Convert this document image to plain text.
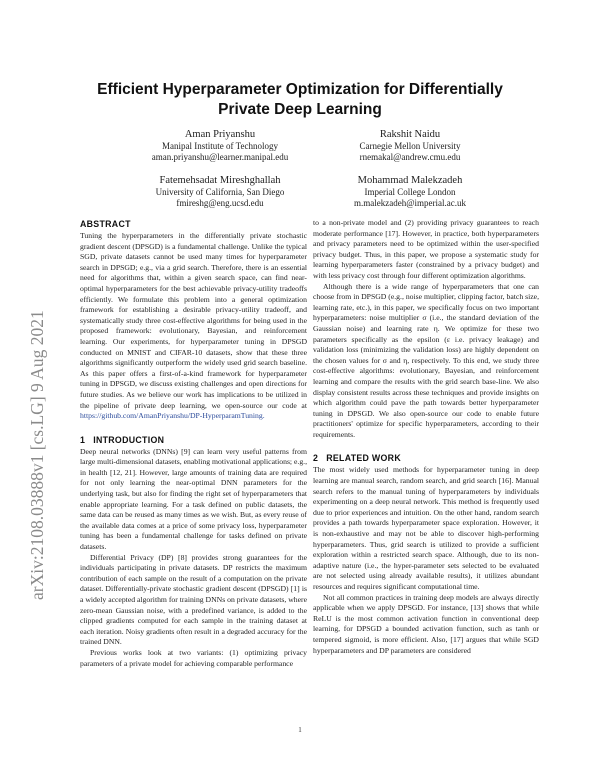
arXiv:2108.03888v1 [cs.LG] 9 Aug 2021
Efficient Hyperparameter Optimization for Differentially
Private Deep Learning
Aman Priyanshu
Manipal Institute of Technology
aman.priyanshu@learner.manipal.edu
Rakshit Naidu
Carnegie Mellon University
rnemakal@andrew.cmu.edu
Fatemehsadat Mireshghallah
University of California, San Diego
fmireshg@eng.ucsd.edu
Mohammad Malekzadeh
Imperial College London
m.malekzadeh@imperial.ac.uk
ABSTRACT

Tuning the hyperparameters in the differentially private stochastic gradient descent (DPSGD) is a fundamental challenge. Unlike the typical SGD, private datasets cannot be used many times for hyperparameter search in DPSGD; e.g., via a grid search. Therefore, there is an essential need for algorithms that, within a given search space, can find near-optimal hyperparameters for the best achievable privacy-utility tradeoffs efficiently. We formulate this problem into a general optimization framework for establishing a desirable privacy-utility tradeoff, and systematically study three cost-effective algorithms for being used in the proposed framework: evolutionary, Bayesian, and reinforcement learning. Our experiments, for hyperparameter tuning in DPSGD conducted on MNIST and CIFAR-10 datasets, show that these three algorithms significantly outperform the widely used grid search baseline. As this paper offers a first-of-a-kind framework for hyperparameter tuning in DPSGD, we discuss existing challenges and open directions for future studies. As we believe our work has implications to be utilized in the pipeline of private deep learning, we open-source our code at https://github.com/AmanPriyanshu/DP-HyperparamTuning.

1 INTRODUCTION

Deep neural networks (DNNs) [9] can learn very useful patterns from large multi-dimensional datasets, enabling motivational applications; e.g., in health [12, 21]. However, large amounts of training data are required for not only learning the near-optimal DNN parameters for the underlying task, but also for finding the right set of hyperparameters that enable appropriate learning. For a task defined on public datasets, the same data can be reused as many times as we wish. But, as every reuse of the available data comes at a price of some privacy loss, hyperparameter tuning has been a fundamental challenge for tasks defined on private datasets.

Differential Privacy (DP) [8] provides strong guarantees for the individuals participating in private datasets. DP restricts the maximum contribution of each sample on the result of a computation on the private dataset. Differentially-private stochastic gradient descent (DPSGD) [1] is a widely accepted algorithm for training DNNs on private datasets, where zero-mean Gaussian noise, with a predefined variance, is added to the clipped gradients computed for each sample in the training dataset at each iteration. Noisy gradients often result in a degraded accuracy for the trained DNN.

Previous works look at two variants: (1) optimizing privacy parameters of a private model for achieving comparable performance

to a non-private model and (2) providing privacy guarantees to reach moderate performance [17]. However, in practice, both hyperparameters and privacy parameters need to be optimized within the user-specified privacy budget. Thus, in this paper, we propose a systematic study for learning hyperparameters faster (constrained by a privacy budget) and with less privacy cost through four different optimization algorithms.

Although there is a wide range of hyperparameters that one can choose from in DPSGD (e.g., noise multiplier, clipping factor, batch size, learning rate, etc.), in this paper, we specifically focus on two important hyperparameters: noise multiplier σ (i.e., the standard deviation of the Gaussian noise) and learning rate η. We optimize for these two parameters specifically as the epsilon (ε i.e. privacy leakage) and validation loss (minimizing the validation loss) are highly dependent on the chosen values for σ and η, respectively. To this end, we study three cost-effective algorithms: evolutionary, Bayesian, and reinforcement learning and compare the results with the grid search base-line. We also display consistent results across these techniques and provide insights on which algorithm could pave the path towards better hyperparameter tuning in DPSGD. We also open-source our code to enable future practitioners' optimize for specific hyperparameters, according to their requirements.

2 RELATED WORK

The most widely used methods for hyperparameter tuning in deep learning are manual search, random search, and grid search [16]. Manual search refers to the manual tuning of hyperparameters by individuals experimenting on a deep neural network. This method is frequently used due to prior experiences and intuition. On the other hand, random search provides a path towards hyperparameter space exploration. However, it is non-exhaustive and may not be able to discover high-performing hyperparameters. Thus, grid search is utilized to provide a sufficient exploration within a restricted search space. Although, due to its non-adaptive nature (i.e., the hyper-parameter sets selected to be evaluated are not selected using already available results), it utilizes abundant resources and requires significant computational time.

Not all common practices in training deep models are always directly applicable when we apply DPSGD. For instance, [13] shows that while ReLU is the most common activation function in conventional deep learning, for DPSGD a bounded activation function, such as tanh or tempered sigmoid, is more efficient. Also, [17] argues that while SGD hyperparameters and DP parameters are considered

1
